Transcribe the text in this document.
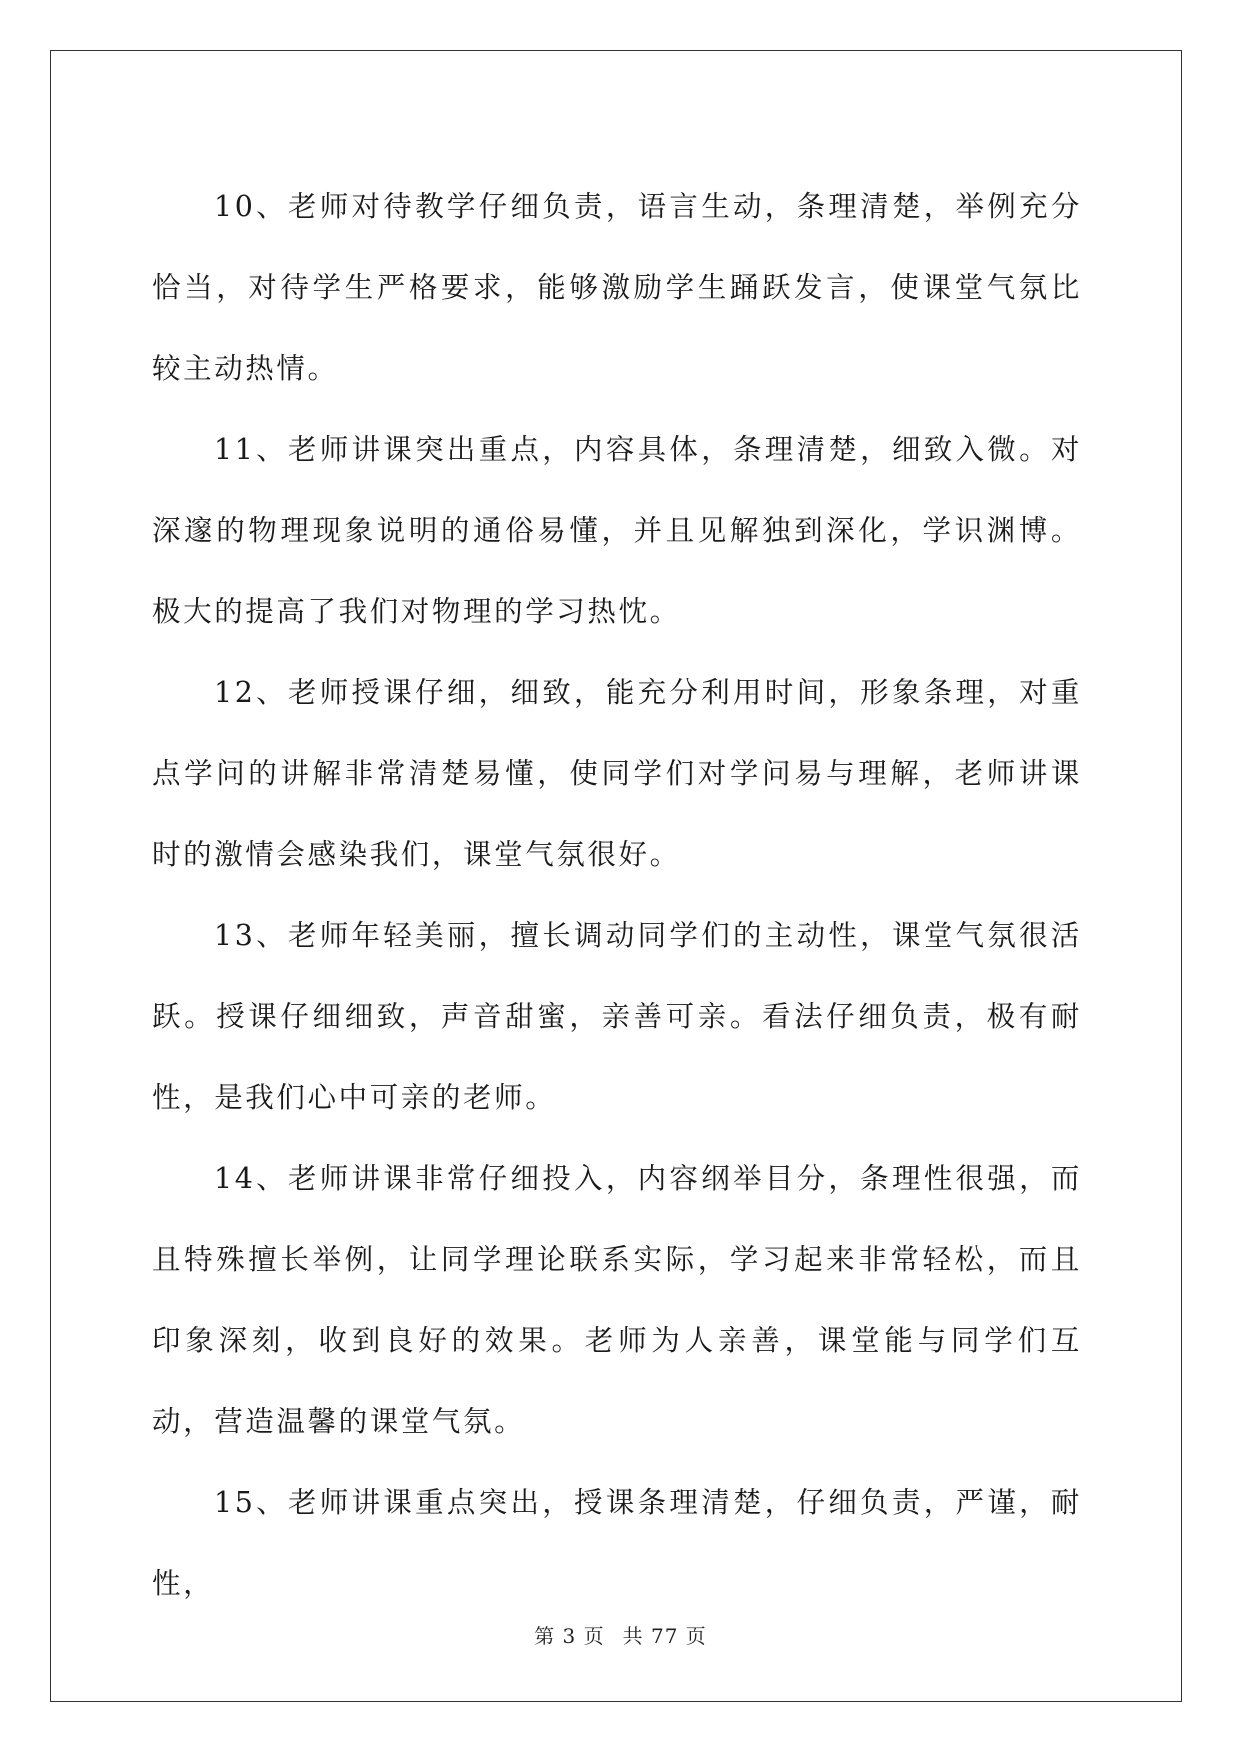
10、老师对待教学仔细负责，语言生动，条理清楚，举例充分恰当，对待学生严格要求，能够激励学生踊跃发言，使课堂气氛比较主动热情。

11、老师讲课突出重点，内容具体，条理清楚，细致入微。对深邃的物理现象说明的通俗易懂，并且见解独到深化，学识渊博。极大的提高了我们对物理的学习热忱。

12、老师授课仔细，细致，能充分利用时间，形象条理，对重点学问的讲解非常清楚易懂，使同学们对学问易与理解，老师讲课时的激情会感染我们，课堂气氛很好。

13、老师年轻美丽，擅长调动同学们的主动性，课堂气氛很活跃。授课仔细细致，声音甜蜜，亲善可亲。看法仔细负责，极有耐性，是我们心中可亲的老师。

14、老师讲课非常仔细投入，内容纲举目分，条理性很强，而且特殊擅长举例，让同学理论联系实际，学习起来非常轻松，而且印象深刻，收到良好的效果。老师为人亲善，课堂能与同学们互动，营造温馨的课堂气氛。

15、老师讲课重点突出，授课条理清楚，仔细负责，严谨，耐性，

第 3 页 共 77 页
